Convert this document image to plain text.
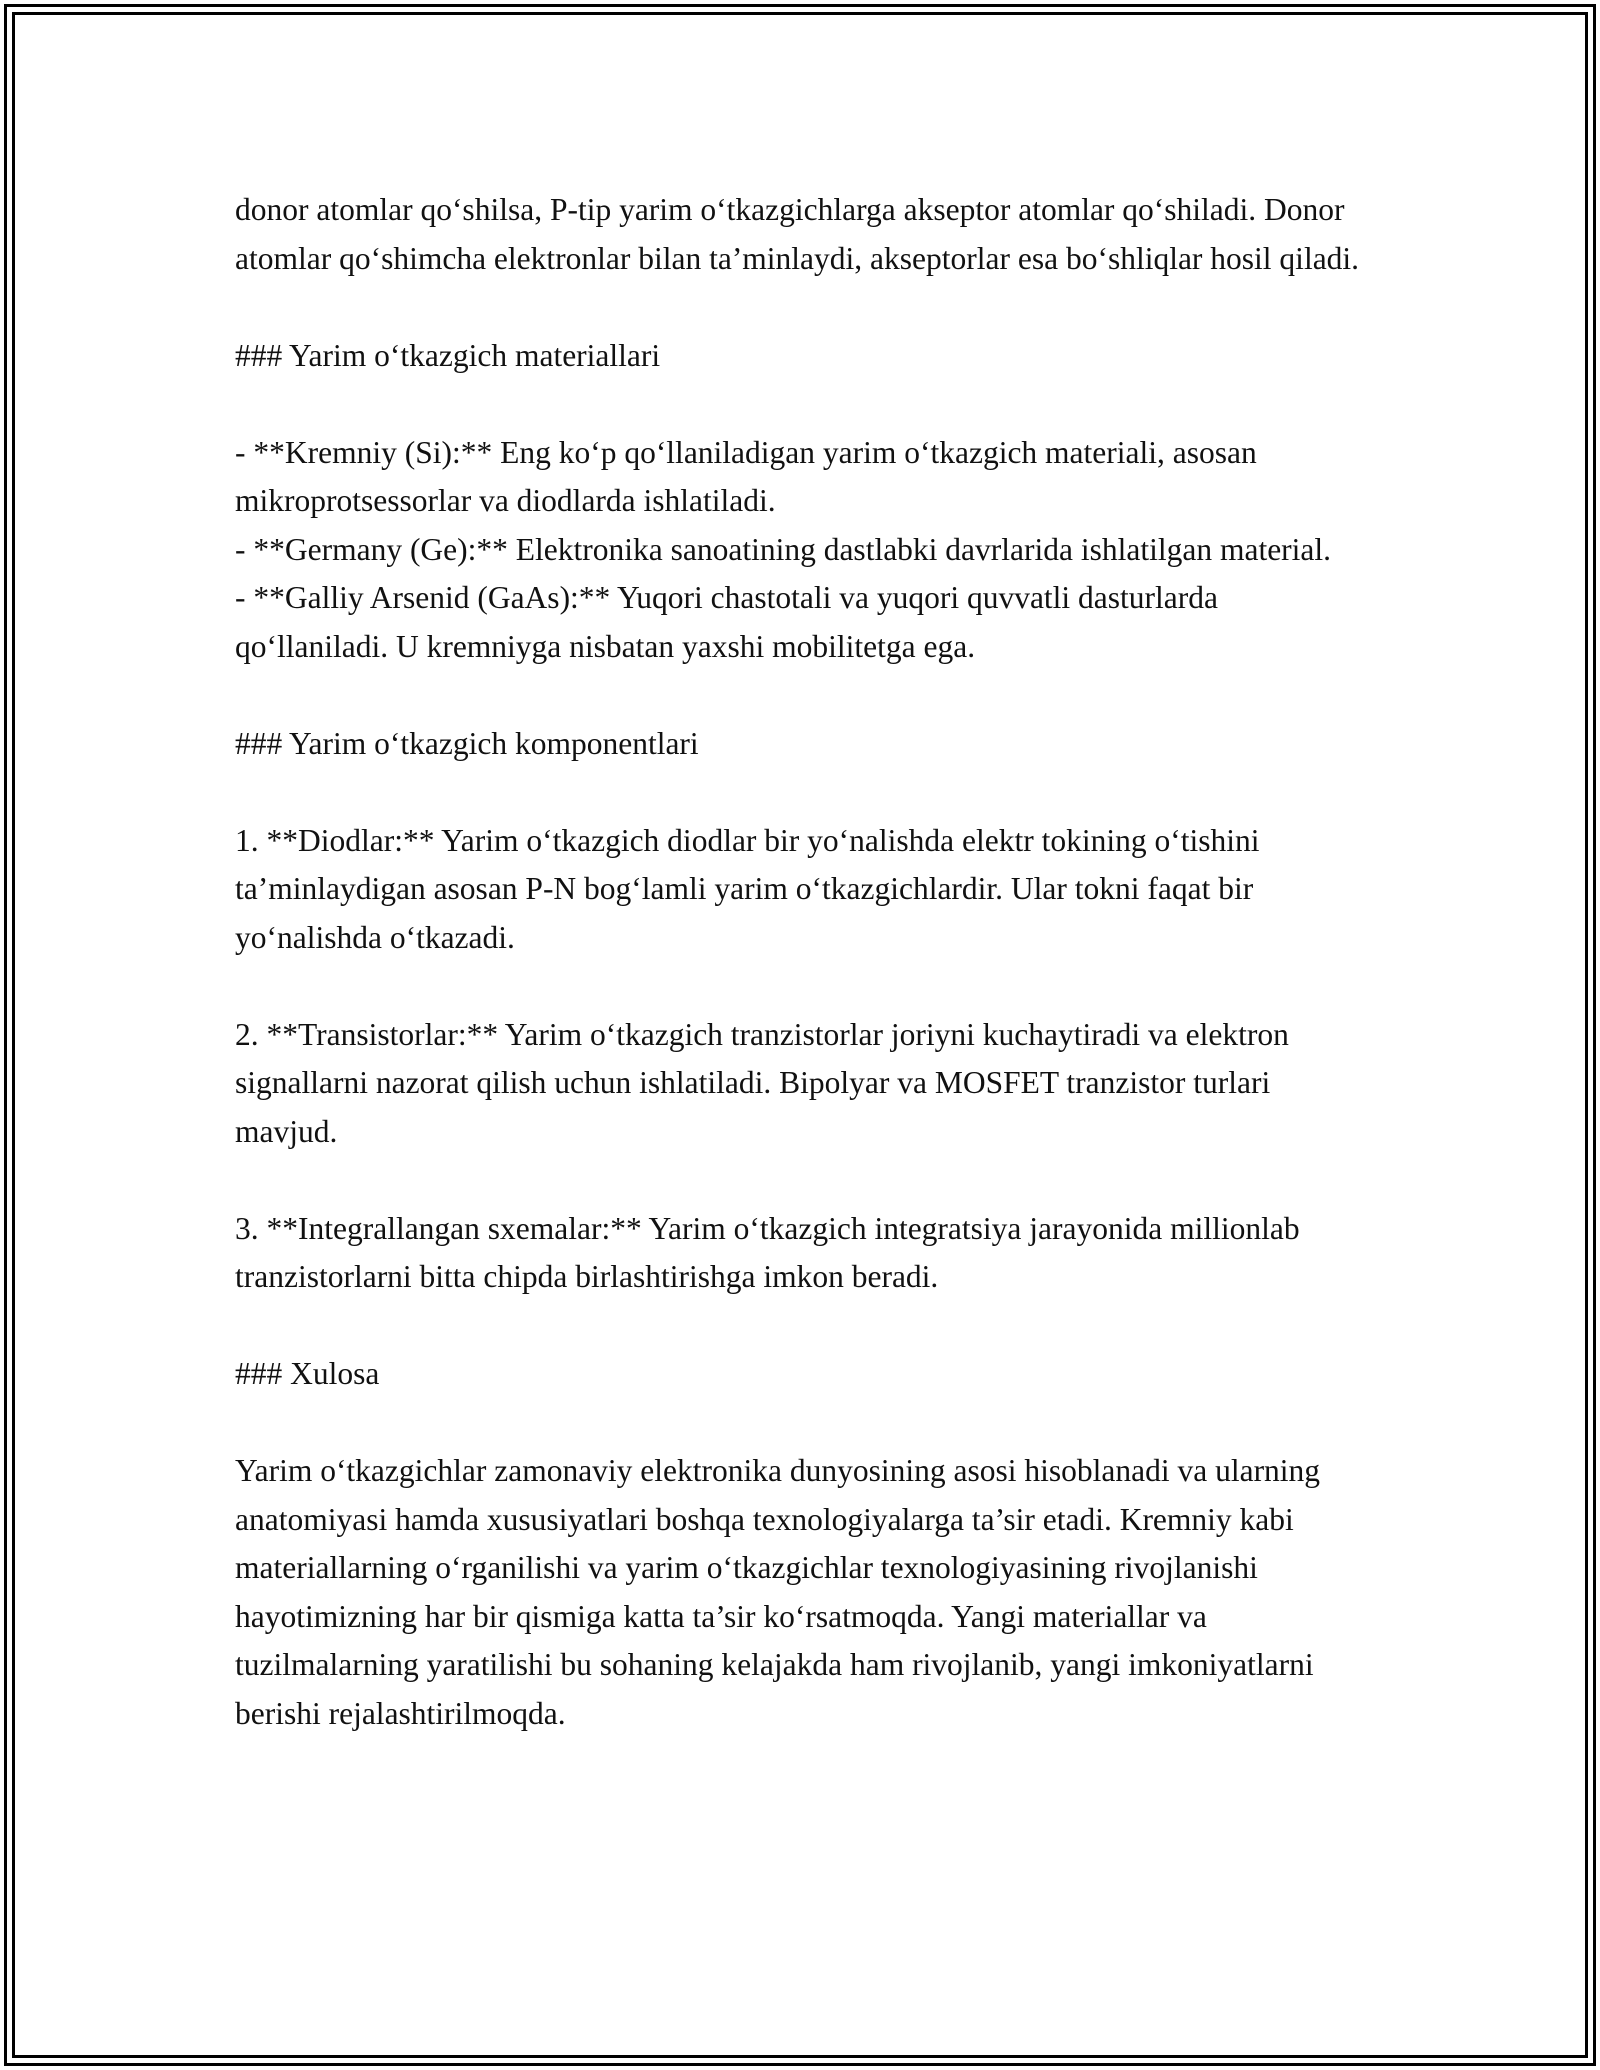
donor atomlar qo‘shilsa, P-tip yarim o‘tkazgichlarga akseptor atomlar qo‘shiladi. Donor atomlar qo‘shimcha elektronlar bilan ta’minlaydi, akseptorlar esa bo‘shliqlar hosil qiladi.

### Yarim o‘tkazgich materiallari

- **Kremniy (Si):** Eng ko‘p qo‘llaniladigan yarim o‘tkazgich materiali, asosan mikroprotsessorlar va diodlarda ishlatiladi.

- **Germany (Ge):** Elektronika sanoatining dastlabki davrlarida ishlatilgan material.

- **Galliy Arsenid (GaAs):** Yuqori chastotali va yuqori quvvatli dasturlarda qo‘llaniladi. U kremniyga nisbatan yaxshi mobilitetga ega.

### Yarim o‘tkazgich komponentlari

1. **Diodlar:** Yarim o‘tkazgich diodlar bir yo‘nalishda elektr tokining o‘tishini ta’minlaydigan asosan P-N bog‘lamli yarim o‘tkazgichlardir. Ular tokni faqat bir yo‘nalishda o‘tkazadi.

2. **Transistorlar:** Yarim o‘tkazgich tranzistorlar joriyni kuchaytiradi va elektron signallarni nazorat qilish uchun ishlatiladi. Bipolyar va MOSFET tranzistor turlari mavjud.

3. **Integrallangan sxemalar:** Yarim o‘tkazgich integratsiya jarayonida millionlab tranzistorlarni bitta chipda birlashtirishga imkon beradi.

### Xulosa

Yarim o‘tkazgichlar zamonaviy elektronika dunyosining asosi hisoblanadi va ularning anatomiyasi hamda xususiyatlari boshqa texnologiyalarga ta’sir etadi. Kremniy kabi materiallarning o‘rganilishi va yarim o‘tkazgichlar texnologiyasining rivojlanishi hayotimizning har bir qismiga katta ta’sir ko‘rsatmoqda. Yangi materiallar va tuzilmalarning yaratilishi bu sohaning kelajakda ham rivojlanib, yangi imkoniyatlarni berishi rejalashtirilmoqda.
